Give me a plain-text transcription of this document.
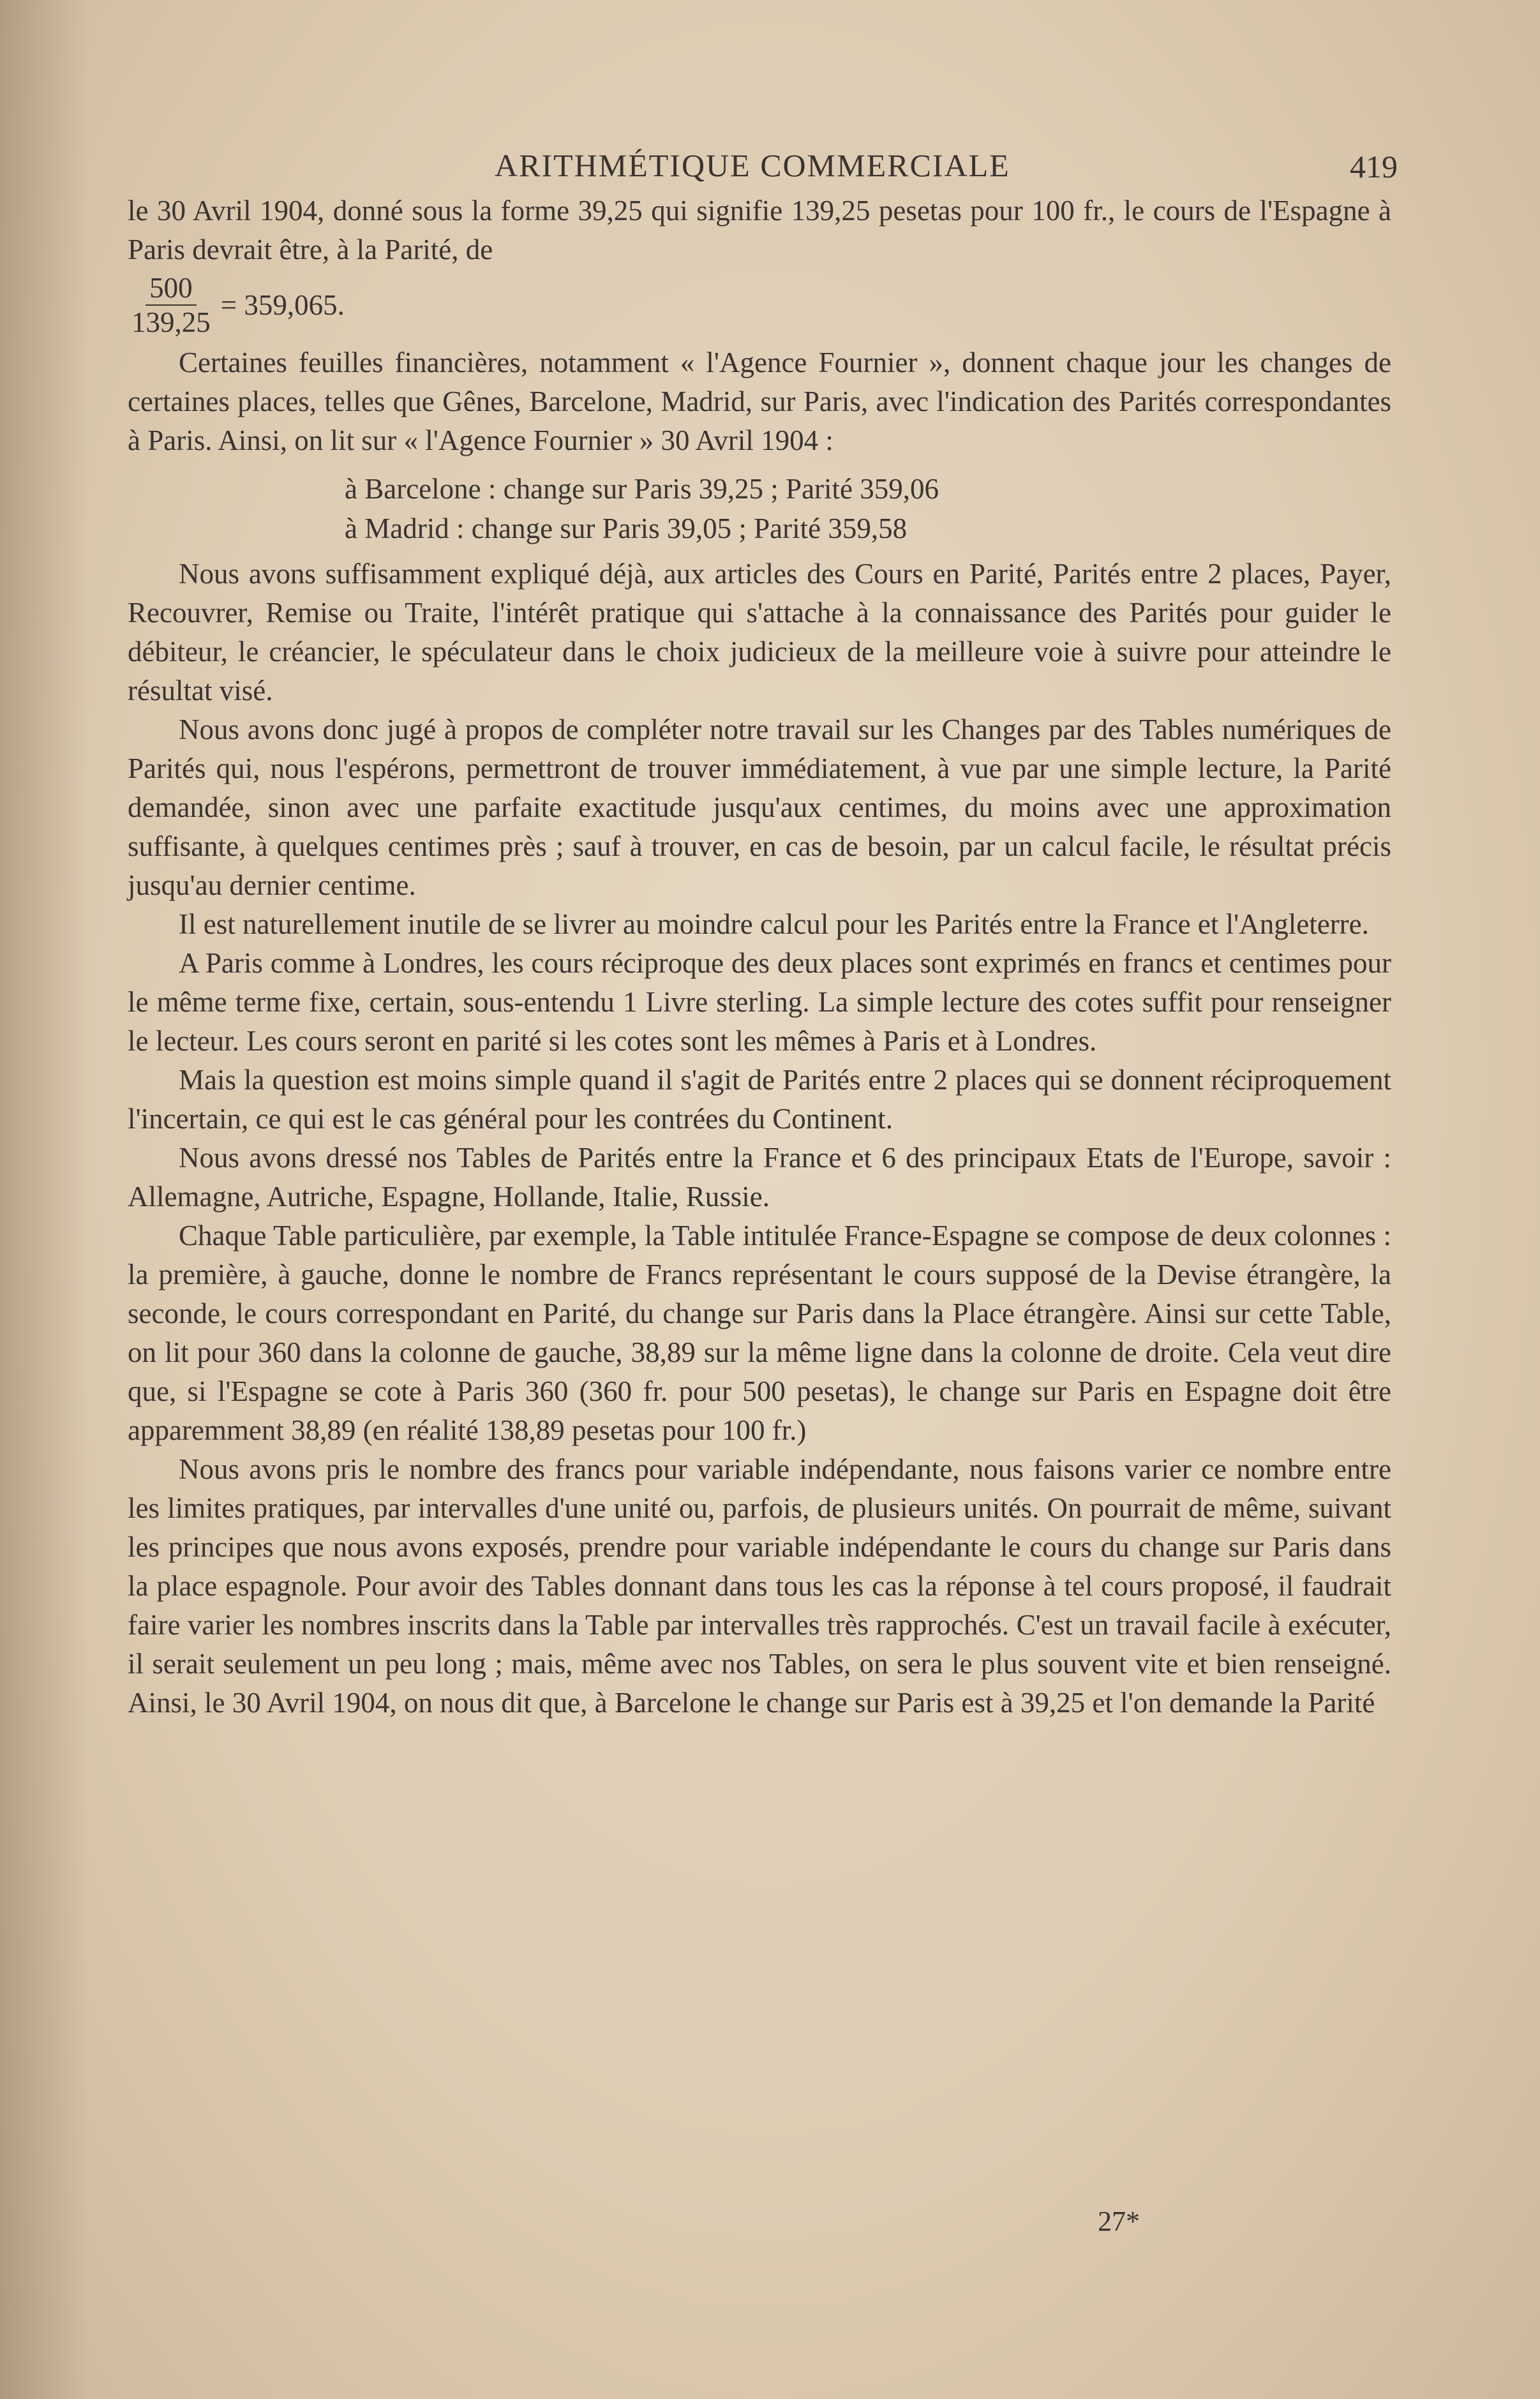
ARITHMÉTIQUE COMMERCIALE	419

le 30 Avril 1904, donné sous la forme 39,25 qui signifie 139,25 pesetas pour 100 fr., le cours de l'Espagne à Paris devrait être, à la Parité, de

$\frac{500}{139,25} = 359,065$.

Certaines feuilles financières, notamment « l'Agence Fournier », donnent chaque jour les changes de certaines places, telles que Gênes, Barcelone, Madrid, sur Paris, avec l'indication des Parités correspondantes à Paris. Ainsi, on lit sur « l'Agence Fournier » 30 Avril 1904 :

à Barcelone : change sur Paris 39,25 ; Parité 359,06
à Madrid : change sur Paris 39,05 ; Parité 359,58

Nous avons suffisamment expliqué déjà, aux articles des Cours en Parité, Parités entre 2 places, Payer, Recouvrer, Remise ou Traite, l'intérêt pratique qui s'attache à la connaissance des Parités pour guider le débiteur, le créancier, le spéculateur dans le choix judicieux de la meilleure voie à suivre pour atteindre le résultat visé.

Nous avons donc jugé à propos de compléter notre travail sur les Changes par des Tables numériques de Parités qui, nous l'espérons, permettront de trouver immédiatement, à vue par une simple lecture, la Parité demandée, sinon avec une parfaite exactitude jusqu'aux centimes, du moins avec une approximation suffisante, à quelques centimes près ; sauf à trouver, en cas de besoin, par un calcul facile, le résultat précis jusqu'au dernier centime.

Il est naturellement inutile de se livrer au moindre calcul pour les Parités entre la France et l'Angleterre.

A Paris comme à Londres, les cours réciproque des deux places sont exprimés en francs et centimes pour le même terme fixe, certain, sous-entendu 1 Livre sterling. La simple lecture des cotes suffit pour renseigner le lecteur. Les cours seront en parité si les cotes sont les mêmes à Paris et à Londres.

Mais la question est moins simple quand il s'agit de Parités entre 2 places qui se donnent réciproquement l'incertain, ce qui est le cas général pour les contrées du Continent.

Nous avons dressé nos Tables de Parités entre la France et 6 des principaux Etats de l'Europe, savoir : Allemagne, Autriche, Espagne, Hollande, Italie, Russie.

Chaque Table particulière, par exemple, la Table intitulée France-Espagne se compose de deux colonnes : la première, à gauche, donne le nombre de Francs représentant le cours supposé de la Devise étrangère, la seconde, le cours correspondant en Parité, du change sur Paris dans la Place étrangère. Ainsi sur cette Table, on lit pour 360 dans la colonne de gauche, 38,89 sur la même ligne dans la colonne de droite. Cela veut dire que, si l'Espagne se cote à Paris 360 (360 fr. pour 500 pesetas), le change sur Paris en Espagne doit être apparemment 38,89 (en réalité 138,89 pesetas pour 100 fr.)

Nous avons pris le nombre des francs pour variable indépendante, nous faisons varier ce nombre entre les limites pratiques, par intervalles d'une unité ou, parfois, de plusieurs unités. On pourrait de même, suivant les principes que nous avons exposés, prendre pour variable indépendante le cours du change sur Paris dans la place espagnole. Pour avoir des Tables donnant dans tous les cas la réponse à tel cours proposé, il faudrait faire varier les nombres inscrits dans la Table par intervalles très rapprochés. C'est un travail facile à exécuter, il serait seulement un peu long ; mais, même avec nos Tables, on sera le plus souvent vite et bien renseigné. Ainsi, le 30 Avril 1904, on nous dit que, à Barcelone le change sur Paris est à 39,25 et l'on demande la Parité

27*
